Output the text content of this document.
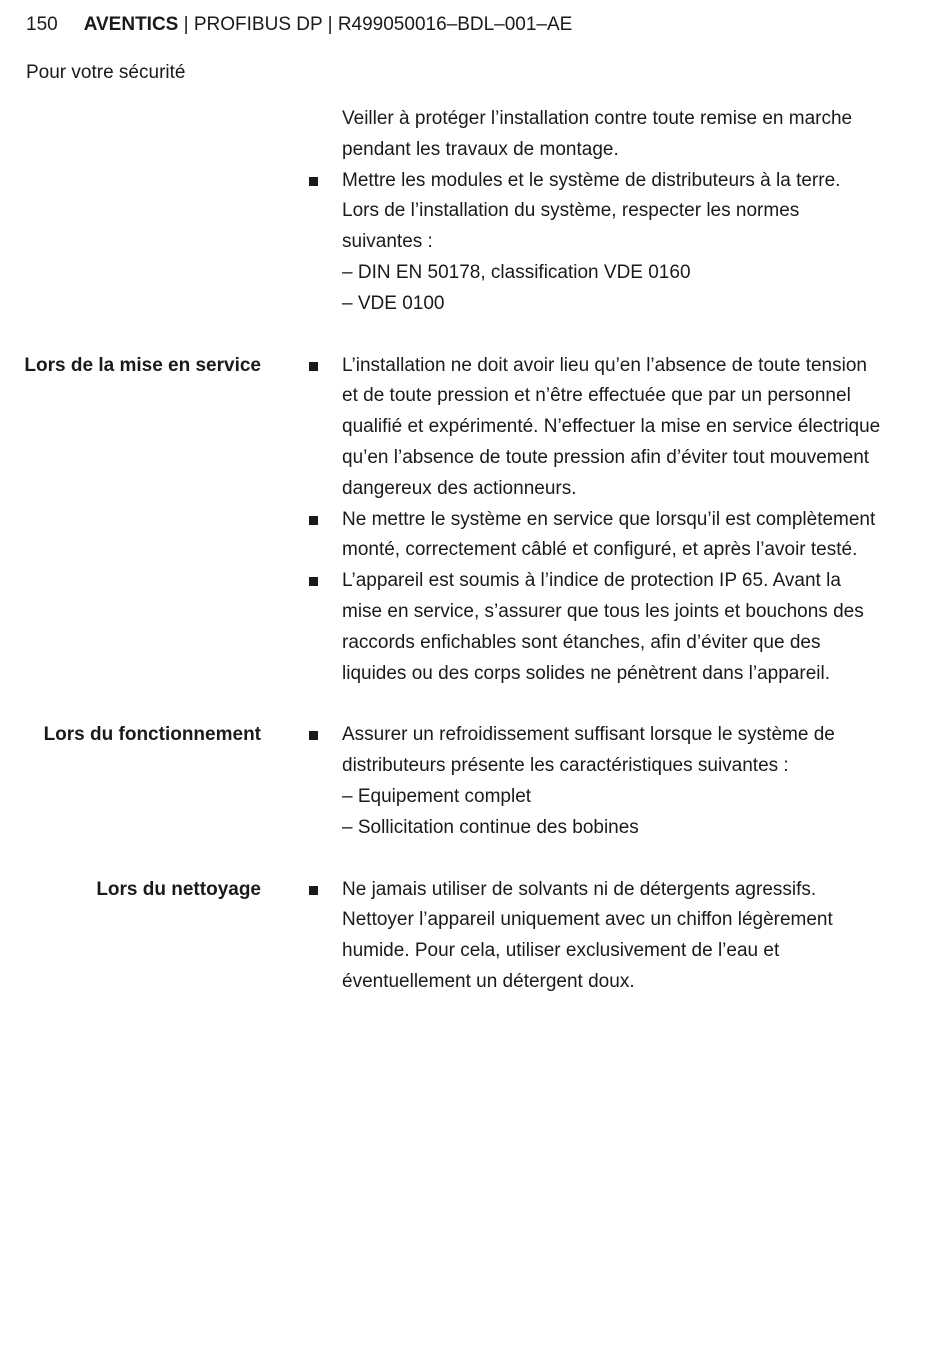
150 AVENTICS | PROFIBUS DP | R499050016–BDL–001–AE
Pour votre sécurité
Veiller à protéger l’installation contre toute remise en marche pendant les travaux de montage.
Mettre les modules et le système de distributeurs à la terre. Lors de l’installation du système, respecter les normes suivantes :
– DIN EN 50178, classification VDE 0160
– VDE 0100
Lors de la mise en service	L’installation ne doit avoir lieu qu’en l’absence de toute tension et de toute pression et n’être effectuée que par un personnel qualifié et expérimenté. N’effectuer la mise en service électrique qu’en l’absence de toute pression afin d’éviter tout mouvement dangereux des actionneurs.
Ne mettre le système en service que lorsqu’il est complètement monté, correctement câblé et configuré, et après l’avoir testé.
L’appareil est soumis à l’indice de protection IP 65. Avant la mise en service, s’assurer que tous les joints et bouchons des raccords enfichables sont étanches, afin d’éviter que des liquides ou des corps solides ne pénètrent dans l’appareil.
Lors du fonctionnement	Assurer un refroidissement suffisant lorsque le système de distributeurs présente les caractéristiques suivantes :
– Equipement complet
– Sollicitation continue des bobines
Lors du nettoyage	Ne jamais utiliser de solvants ni de détergents agressifs. Nettoyer l’appareil uniquement avec un chiffon légèrement humide. Pour cela, utiliser exclusivement de l’eau et éventuellement un détergent doux.
